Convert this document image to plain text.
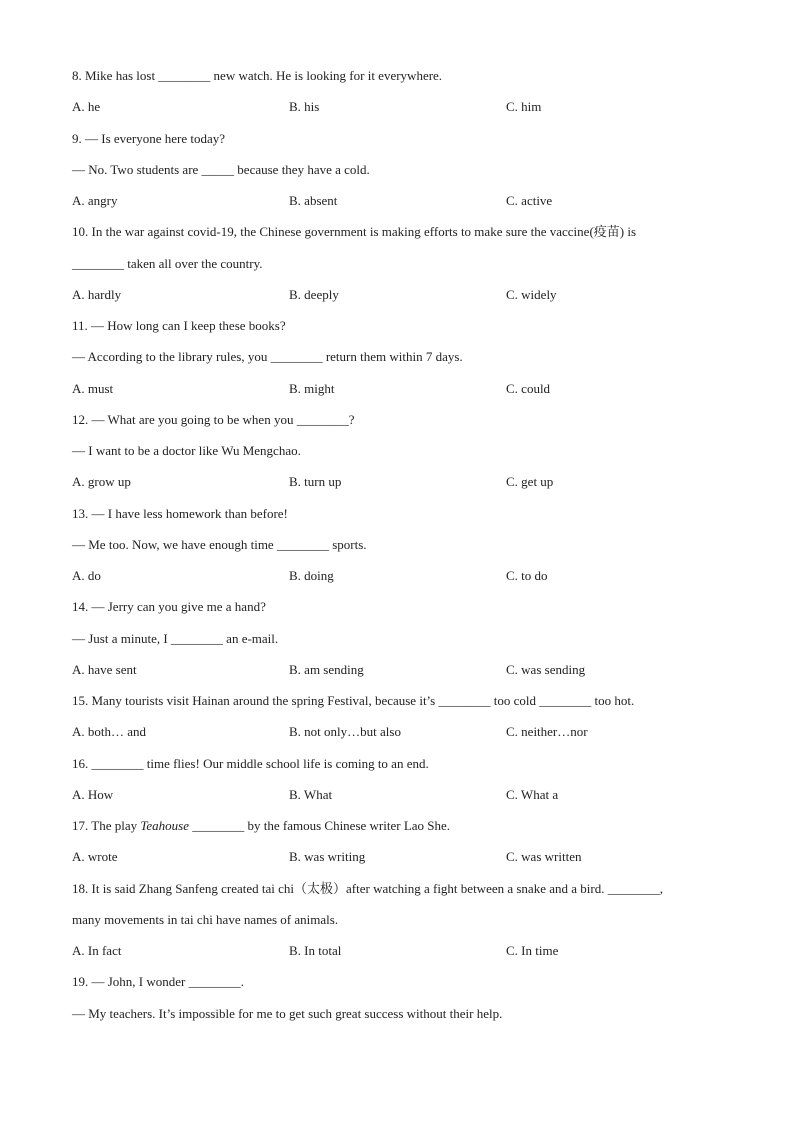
8. Mike has lost ________ new watch. He is looking for it everywhere.
A. he	B. his	C. him
9. — Is everyone here today?
— No. Two students are _____ because they have a cold.
A. angry	B. absent	C. active
10. In the war against covid-19, the Chinese government is making efforts to make sure the vaccine(疫苗) is
________ taken all over the country.
A. hardly	B. deeply	C. widely
11. — How long can I keep these books?
— According to the library rules, you ________ return them within 7 days.
A. must	B. might	C. could
12. — What are you going to be when you ________?
— I want to be a doctor like Wu Mengchao.
A. grow up	B. turn up	C. get up
13. — I have less homework than before!
— Me too. Now, we have enough time ________ sports.
A. do	B. doing	C. to do
14. — Jerry can you give me a hand?
— Just a minute, I ________ an e-mail.
A. have sent	B. am sending	C. was sending
15. Many tourists visit Hainan around the spring Festival, because it’s ________ too cold ________ too hot.
A. both… and	B. not only…but also	C. neither…nor
16. ________ time flies! Our middle school life is coming to an end.
A. How	B. What	C. What a
17. The play Teahouse ________ by the famous Chinese writer Lao She.
A. wrote	B. was writing	C. was written
18. It is said Zhang Sanfeng created tai chi（太极）after watching a fight between a snake and a bird. ________,
many movements in tai chi have names of animals.
A. In fact	B. In total	C. In time
19. — John, I wonder ________.
— My teachers. It’s impossible for me to get such great success without their help.
